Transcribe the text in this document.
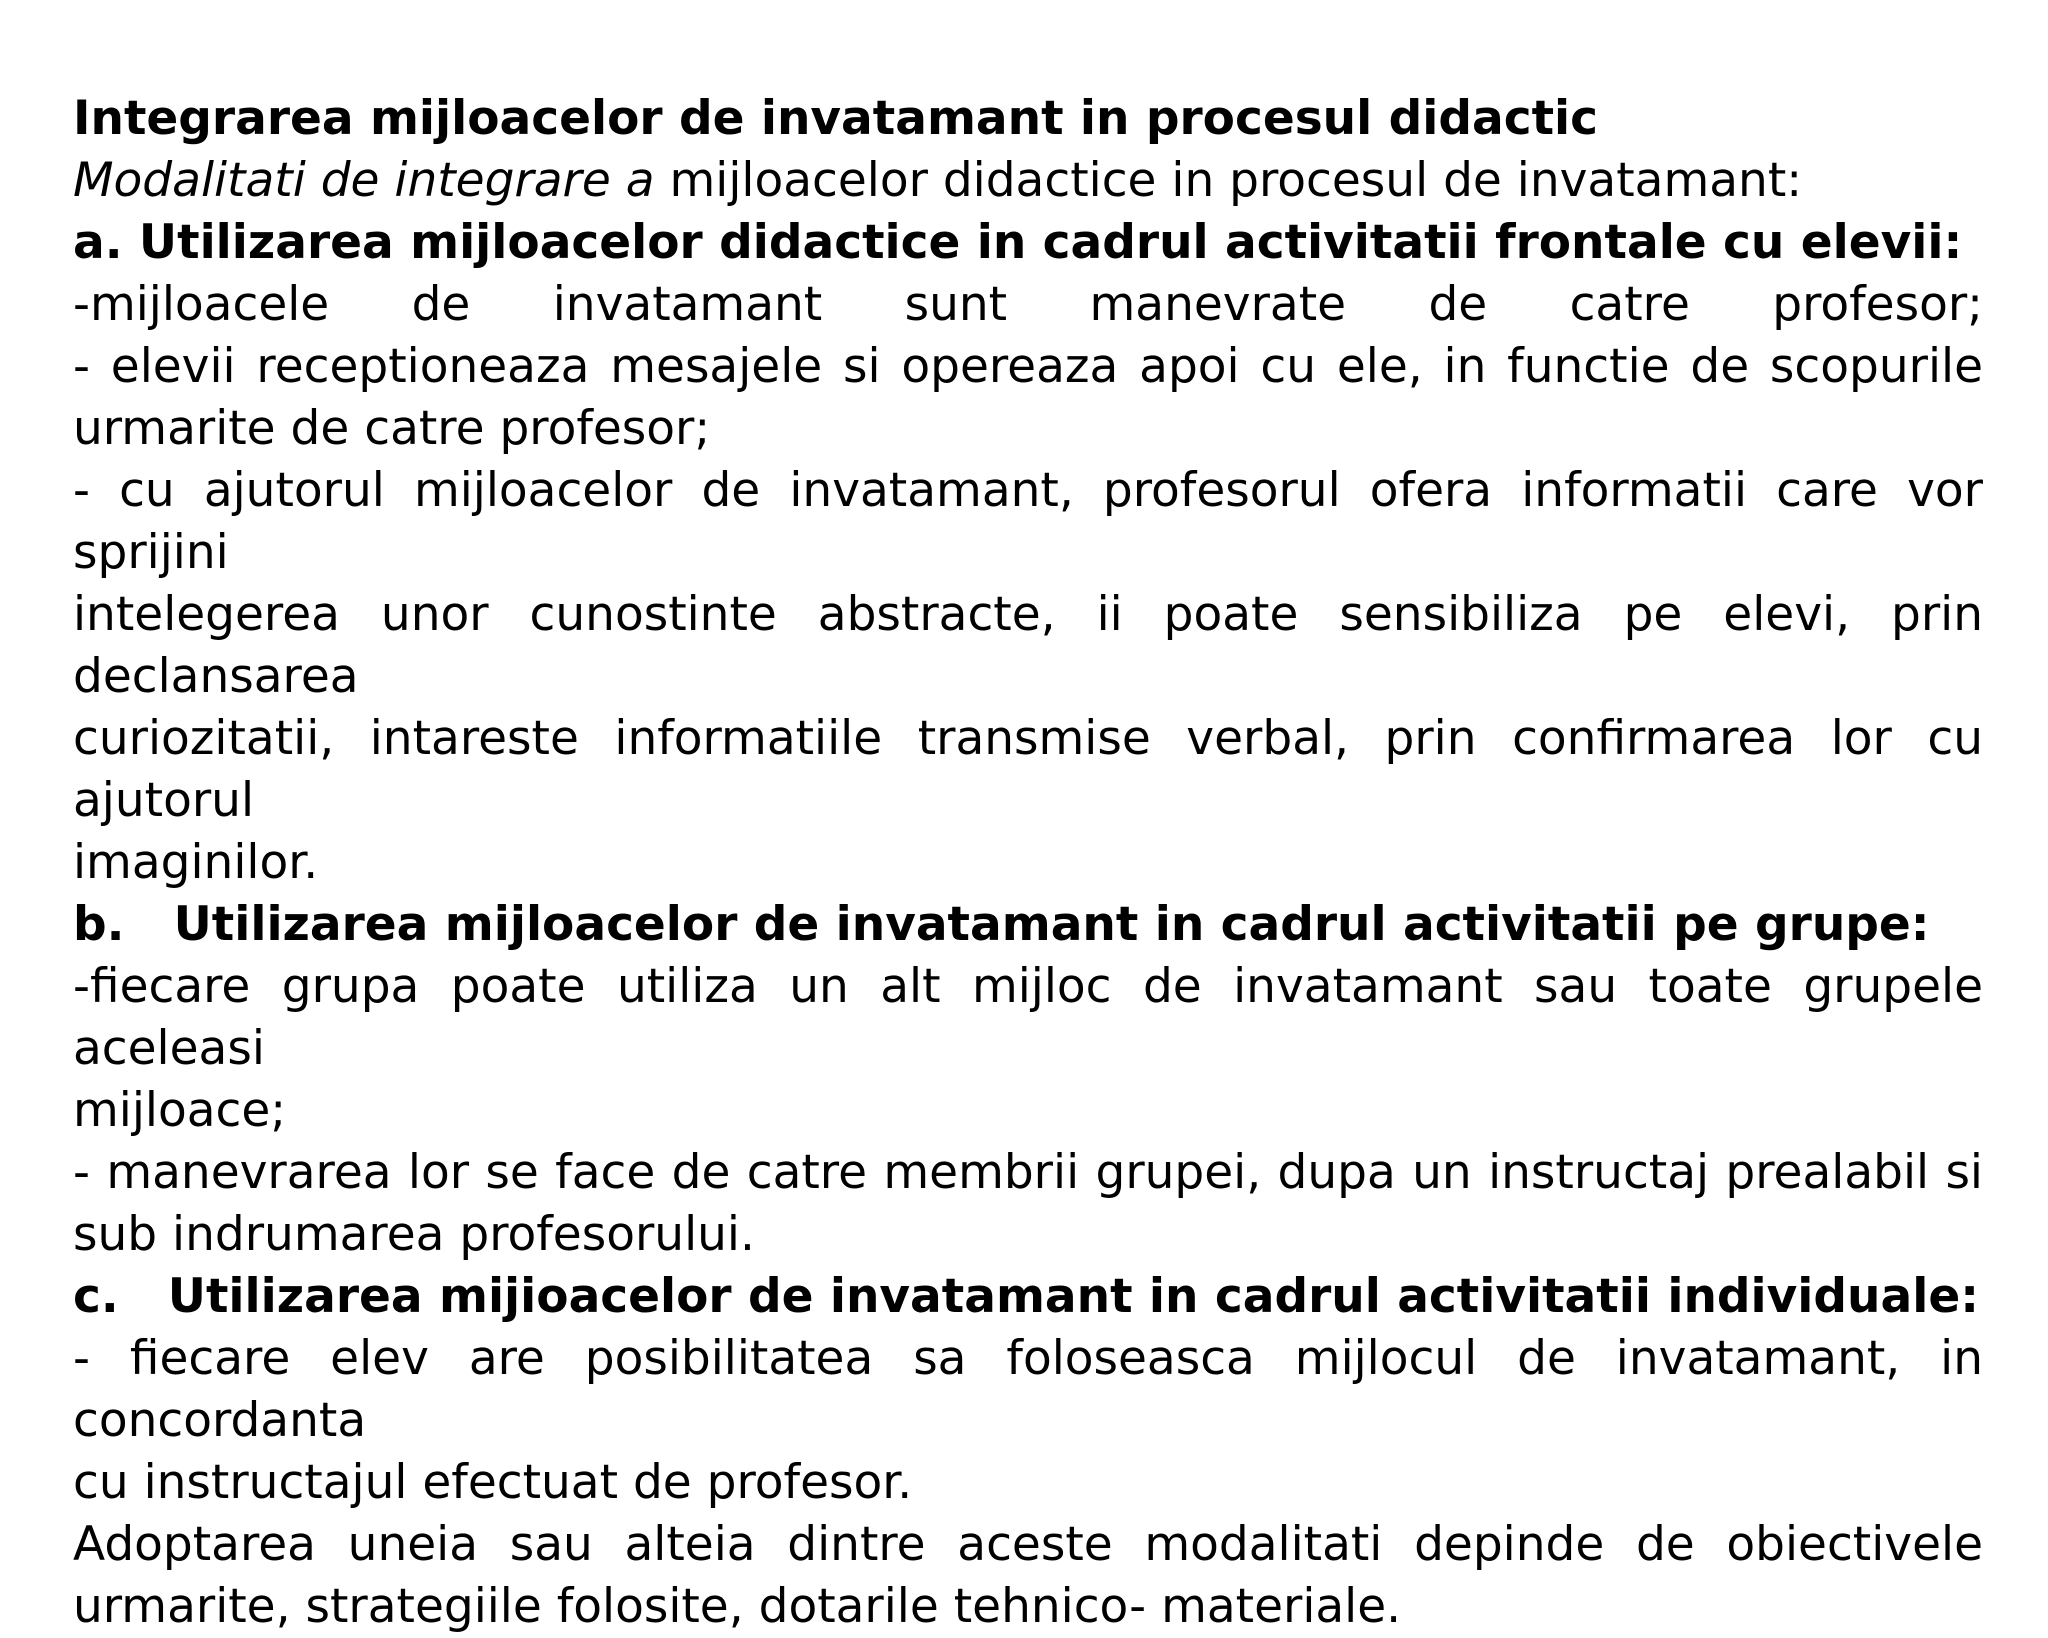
Integrarea mijloacelor de invatamant in procesul didactic
Modalitati de integrare a mijloacelor didactice in procesul de invatamant:
a. Utilizarea mijloacelor didactice in cadrul activitatii frontale cu elevii:
-mijloacele de invatamant sunt manevrate de catre profesor;
- elevii receptioneaza mesajele si opereaza apoi cu ele, in functie de scopurile
urmarite de catre profesor;
- cu ajutorul mijloacelor de invatamant, profesorul ofera informatii care vor sprijini
intelegerea unor cunostinte abstracte, ii poate sensibiliza pe elevi, prin declansarea
curiozitatii, intareste informatiile transmise verbal, prin confirmarea lor cu ajutorul
imaginilor.
b.   Utilizarea mijloacelor de invatamant in cadrul activitatii pe grupe:
-fiecare grupa poate utiliza un alt mijloc de invatamant sau toate grupele aceleasi
mijloace;
- manevrarea lor se face de catre membrii grupei, dupa un instructaj prealabil si
sub indrumarea profesorului.
c.   Utilizarea mijioacelor de invatamant in cadrul activitatii individuale:
- fiecare elev are posibilitatea sa foloseasca mijlocul de invatamant, in concordanta
cu instructajul efectuat de profesor.
Adoptarea uneia sau alteia dintre aceste modalitati depinde de obiectivele
urmarite, strategiile folosite, dotarile tehnico- materiale.
